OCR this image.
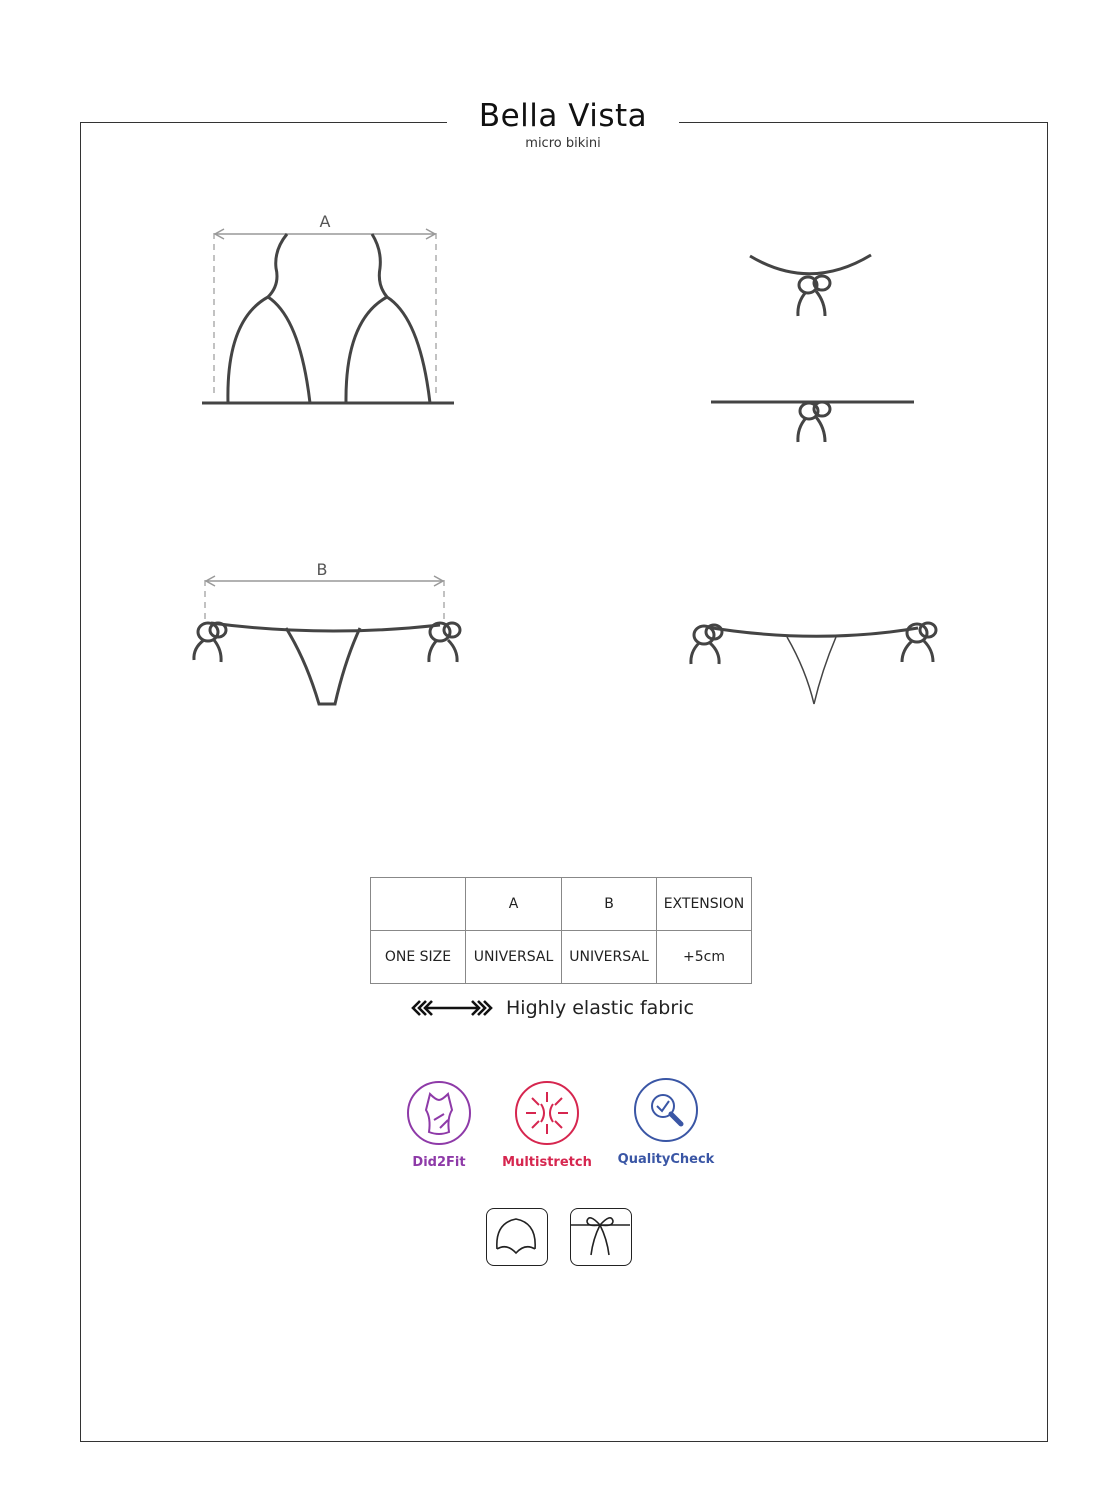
Bella Vista
micro bikini
A
B
	A	B	EXTENSION
ONE SIZE	UNIVERSAL	UNIVERSAL	+5cm
Highly elastic fabric
Did2Fit	Multistretch	QualityCheck
